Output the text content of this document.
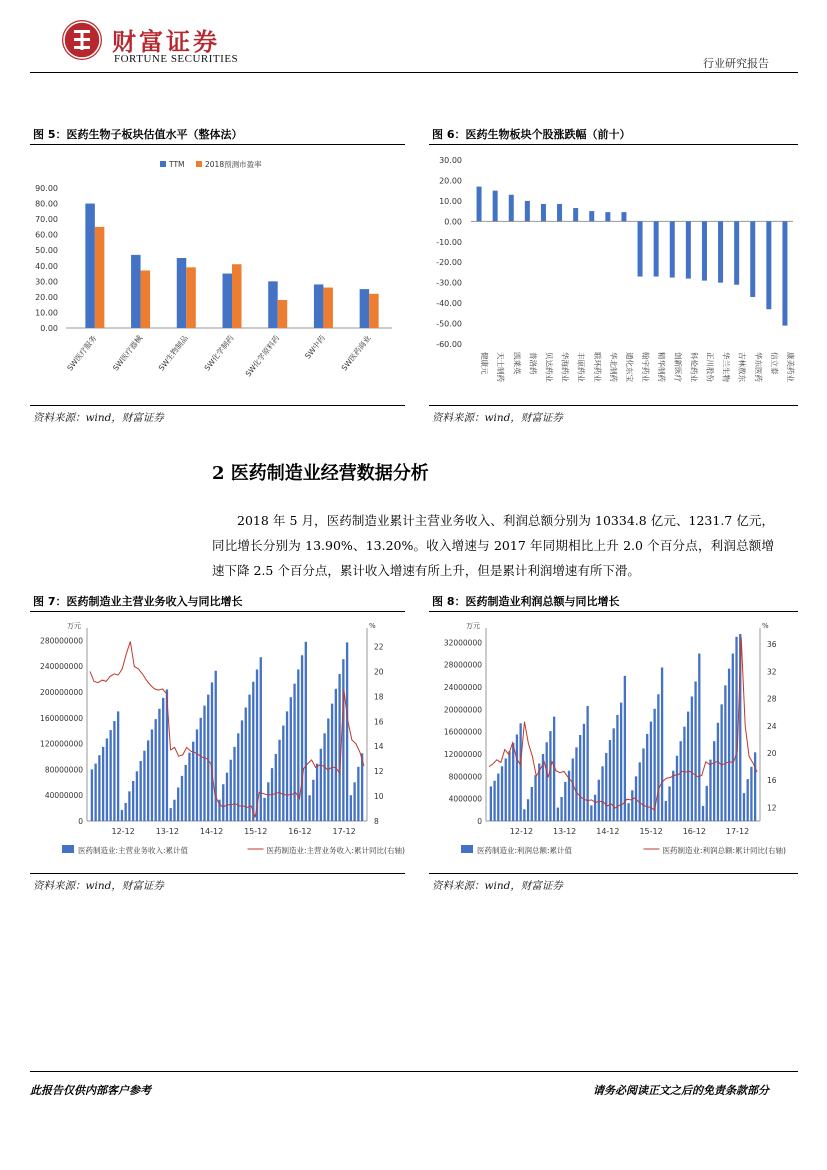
财富证券
FORTUNE SECURITIES	行业研究报告
图 5：医药生物子板块估值水平（整体法）
0.00
10.00
20.00
30.00
40.00
50.00
60.00
70.00
80.00
90.00
TTM	2018预测市盈率
SW医疗服务 SW医疗器械 SW生物制品 SW化学制药 SW化学原料药	SW中药 SW医药商业
资料来源：wind，财富证券
图 6：医药生物板块个股涨跌幅（前十）
30.00
20.00
10.00
0.00
-10.00
-20.00
-30.00
-40.00
-50.00
-60.00
健康元 天士制药 凯莱英 普洛药 贝达药业 华海药业 丰原药业 联环药业 华北制药 通化东宝 翰宇药业 精华制药 创新医疗 科伦药业 正川股份 华兰生物 吉林敖东 华东医药 信立泰 康美药业
资料来源：wind，财富证券
2 医药制造业经营数据分析
2018 年 5 月，医药制造业累计主营业务收入、利润总额分别为 10334.8 亿元、1231.7 亿元，同比增长分别为 13.90%、13.20%。收入增速与 2017 年同期相比上升 2.0 个百分点，利润总额增速下降 2.5 个百分点，累计收入增速有所上升，但是累计利润增速有所下滑。
图 7：医药制造业主营业务收入与同比增长
万元	%
0
40000000
80000000
120000000
160000000
200000000
240000000
280000000
8
10
12
14
16
18
20
22
12-12	13-12	14-12	15-12	16-12	17-12
医药制造业:主营业务收入:累计值	医药制造业:主营业务收入:累计同比(右轴)
资料来源：wind，财富证券
图 8：医药制造业利润总额与同比增长
万元	%
0
4000000
8000000
12000000
16000000
20000000
24000000
28000000
32000000
12
16
20
24
28
32
36
12-12 13-12 14-12 15-12 16-12 17-12
医药制造业:利润总额:累计值	医药制造业:利润总额:累计同比(右轴)
资料来源：wind，财富证券
此报告仅供内部客户参考	请务必阅读正文之后的免责条款部分
